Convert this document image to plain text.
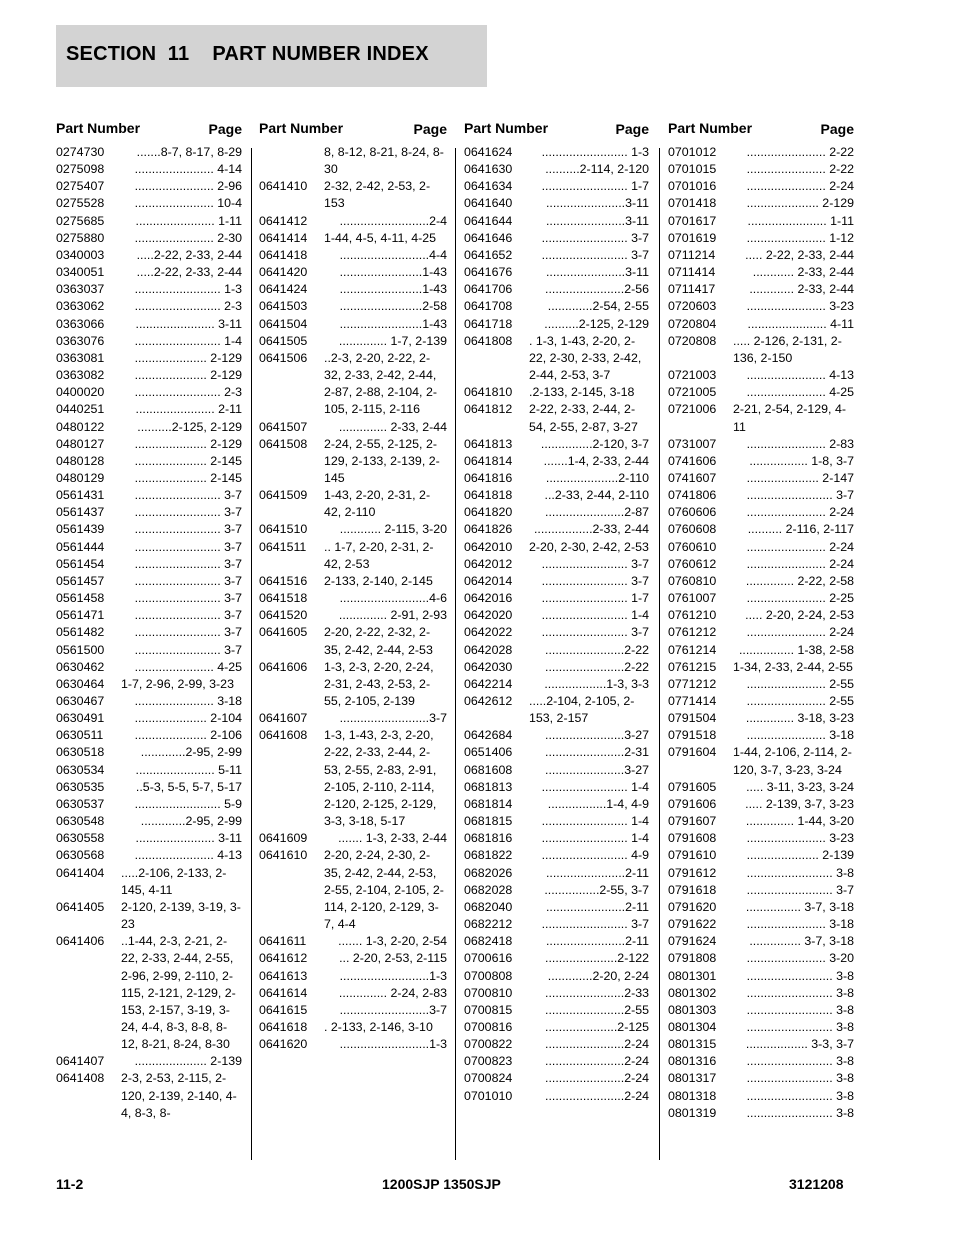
SECTION  11    PART NUMBER INDEX
Part Number	Page
0274730	.......8-7, 8-17, 8-29
0275098	....................... 4-14
0275407	....................... 2-96
0275528	....................... 10-4
0275685	....................... 1-11
0275880	....................... 2-30
0340003	.....2-22, 2-33, 2-44
0340051	.....2-22, 2-33, 2-44
0363037	......................... 1-3
0363062	......................... 2-3
0363066	....................... 3-11
0363076	......................... 1-4
0363081	..................... 2-129
0363082	..................... 2-129
0400020	......................... 2-3
0440251	....................... 2-11
0480122	..........2-125, 2-129
0480127	..................... 2-129
0480128	..................... 2-145
0480129	..................... 2-145
0561431	......................... 3-7
0561437	......................... 3-7
0561439	......................... 3-7
0561444	......................... 3-7
0561454	......................... 3-7
0561457	......................... 3-7
0561458	......................... 3-7
0561471	......................... 3-7
0561482	......................... 3-7
0561500	......................... 3-7
0630462	....................... 4-25
0630464	1-7, 2-96, 2-99, 3-23
0630467	....................... 3-18
0630491	..................... 2-104
0630511	..................... 2-106
0630518	.............2-95, 2-99
0630534	....................... 5-11
0630535	..5-3, 5-5, 5-7, 5-17
0630537	......................... 5-9
0630548	.............2-95, 2-99
0630558	....................... 3-11
0630568	....................... 4-13
0641404	.....2-106, 2-133, 2-145, 4-11
0641405	2-120, 2-139, 3-19, 3-23
0641406	..1-44, 2-3, 2-21, 2-22, 2-33, 2-44, 2-55, 2-96, 2-99, 2-110, 2-115, 2-121, 2-129, 2-153, 2-157, 3-19, 3-24, 4-4, 8-3, 8-8, 8-12, 8-21, 8-24, 8-30
0641407	..................... 2-139
0641408	2-3, 2-53, 2-115, 2-120, 2-139, 2-140, 4-4, 8-3, 8-
Part Number	Page
8, 8-12, 8-21, 8-24, 8-30
0641410	2-32, 2-42, 2-53, 2-153
0641412	..........................2-4
0641414	1-44, 4-5, 4-11, 4-25
0641418	..........................4-4
0641420	........................1-43
0641424	........................1-43
0641503	........................2-58
0641504	........................1-43
0641505	.............. 1-7, 2-139
0641506	..2-3, 2-20, 2-22, 2-32, 2-33, 2-42, 2-44, 2-87, 2-88, 2-104, 2-105, 2-115, 2-116
0641507	.............. 2-33, 2-44
0641508	2-24, 2-55, 2-125, 2-129, 2-133, 2-139, 2-145
0641509	1-43, 2-20, 2-31, 2-42, 2-110
0641510	............ 2-115, 3-20
0641511	.. 1-7, 2-20, 2-31, 2-42, 2-53
0641516	2-133, 2-140, 2-145
0641518	..........................4-6
0641520	.............. 2-91, 2-93
0641605	2-20, 2-22, 2-32, 2-35, 2-42, 2-44, 2-53
0641606	1-3, 2-3, 2-20, 2-24, 2-31, 2-43, 2-53, 2-55, 2-105, 2-139
0641607	..........................3-7
0641608	1-3, 1-43, 2-3, 2-20, 2-22, 2-33, 2-44, 2-53, 2-55, 2-83, 2-91, 2-105, 2-110, 2-114, 2-120, 2-125, 2-129, 3-3, 3-18, 5-17
0641609	....... 1-3, 2-33, 2-44
0641610	2-20, 2-24, 2-30, 2-35, 2-42, 2-44, 2-53, 2-55, 2-104, 2-105, 2-114, 2-120, 2-129, 3-7, 4-4
0641611	....... 1-3, 2-20, 2-54
0641612	... 2-20, 2-53, 2-115
0641613	..........................1-3
0641614	.............. 2-24, 2-83
0641615	..........................3-7
0641618	. 2-133, 2-146, 3-10
0641620	..........................1-3
Part Number	Page
0641624	......................... 1-3
0641630	..........2-114, 2-120
0641634	......................... 1-7
0641640	.......................3-11
0641644	.......................3-11
0641646	......................... 3-7
0641652	......................... 3-7
0641676	.......................3-11
0641706	.......................2-56
0641708	.............2-54, 2-55
0641718	..........2-125, 2-129
0641808	. 1-3, 1-43, 2-20, 2-22, 2-30, 2-33, 2-42, 2-44, 2-53, 3-7
0641810	.2-133, 2-145, 3-18
0641812	2-22, 2-33, 2-44, 2-54, 2-55, 2-87, 3-27
0641813	...............2-120, 3-7
0641814	.......1-4, 2-33, 2-44
0641816	.....................2-110
0641818	...2-33, 2-44, 2-110
0641820	.......................2-87
0641826	.................2-33, 2-44
0642010	2-20, 2-30, 2-42, 2-53
0642012	......................... 3-7
0642014	......................... 3-7
0642016	......................... 1-7
0642020	......................... 1-4
0642022	......................... 3-7
0642028	.......................2-22
0642030	.......................2-22
0642214	..................1-3, 3-3
0642612	.....2-104, 2-105, 2-153, 2-157
0642684	.......................3-27
0651406	.......................2-31
0681608	.......................3-27
0681813	......................... 1-4
0681814	.................1-4, 4-9
0681815	......................... 1-4
0681816	......................... 1-4
0681822	......................... 4-9
0682026	.......................2-11
0682028	................2-55, 3-7
0682040	.......................2-11
0682212	......................... 3-7
0682418	.......................2-11
0700616	.....................2-122
0700808	.............2-20, 2-24
0700810	.......................2-33
0700815	.......................2-55
0700816	.....................2-125
0700822	.......................2-24
0700823	.......................2-24
0700824	.......................2-24
0701010	.......................2-24
Part Number	Page
0701012	....................... 2-22
0701015	....................... 2-22
0701016	....................... 2-24
0701418	..................... 2-129
0701617	....................... 1-11
0701619	....................... 1-12
0711214	..... 2-22, 2-33, 2-44
0711414	............ 2-33, 2-44
0711417	............. 2-33, 2-44
0720603	....................... 3-23
0720804	....................... 4-11
0720808	..... 2-126, 2-131, 2-136, 2-150
0721003	....................... 4-13
0721005	....................... 4-25
0721006	2-21, 2-54, 2-129, 4-11
0731007	....................... 2-83
0741606	................. 1-8, 3-7
0741607	..................... 2-147
0741806	......................... 3-7
0760606	....................... 2-24
0760608	.......... 2-116, 2-117
0760610	....................... 2-24
0760612	....................... 2-24
0760810	.............. 2-22, 2-58
0761007	....................... 2-25
0761210	..... 2-20, 2-24, 2-53
0761212	....................... 2-24
0761214	................ 1-38, 2-58
0761215	1-34, 2-33, 2-44, 2-55
0771212	....................... 2-55
0771414	....................... 2-55
0791504	.............. 3-18, 3-23
0791518	....................... 3-18
0791604	1-44, 2-106, 2-114, 2-120, 3-7, 3-23, 3-24
0791605	..... 3-11, 3-23, 3-24
0791606	..... 2-139, 3-7, 3-23
0791607	.............. 1-44, 3-20
0791608	....................... 3-23
0791610	..................... 2-139
0791612	......................... 3-8
0791618	......................... 3-7
0791620	................ 3-7, 3-18
0791622	....................... 3-18
0791624	............... 3-7, 3-18
0791808	....................... 3-20
0801301	......................... 3-8
0801302	......................... 3-8
0801303	......................... 3-8
0801304	......................... 3-8
0801315	.................. 3-3, 3-7
0801316	......................... 3-8
0801317	......................... 3-8
0801318	......................... 3-8
0801319	......................... 3-8
11-2	1200SJP 1350SJP	3121208
